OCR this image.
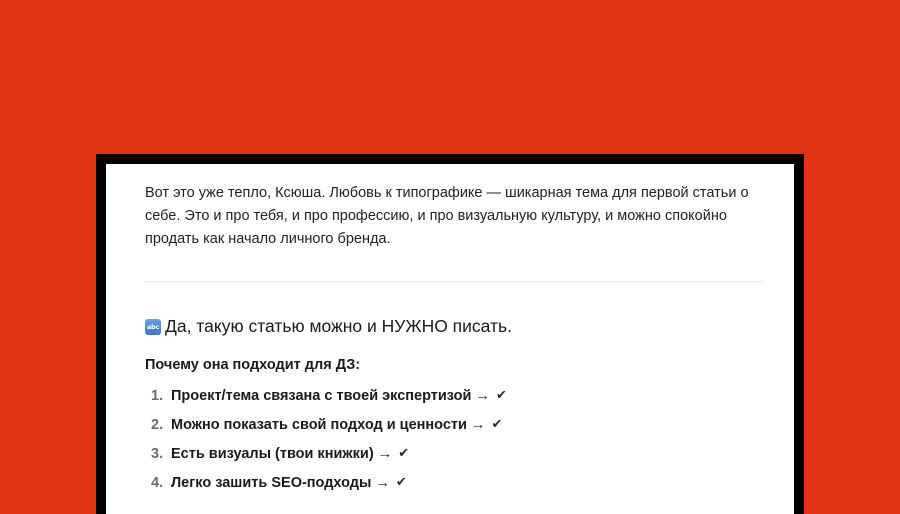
Вот это уже тепло, Ксюша. Любовь к типографике — шикарная тема для первой статьи о себе. Это и про тебя, и про профессию, и про визуальную культуру, и можно спокойно продать как начало личного бренда.

abc Да, такую статью можно и НУЖНО писать.
Почему она подходит для ДЗ:
1. Проект/тема связана с твоей экспертизой → ✔
2. Можно показать свой подход и ценности → ✔
3. Есть визуалы (твои книжки) → ✔
4. Легко зашить SEO-подходы → ✔
